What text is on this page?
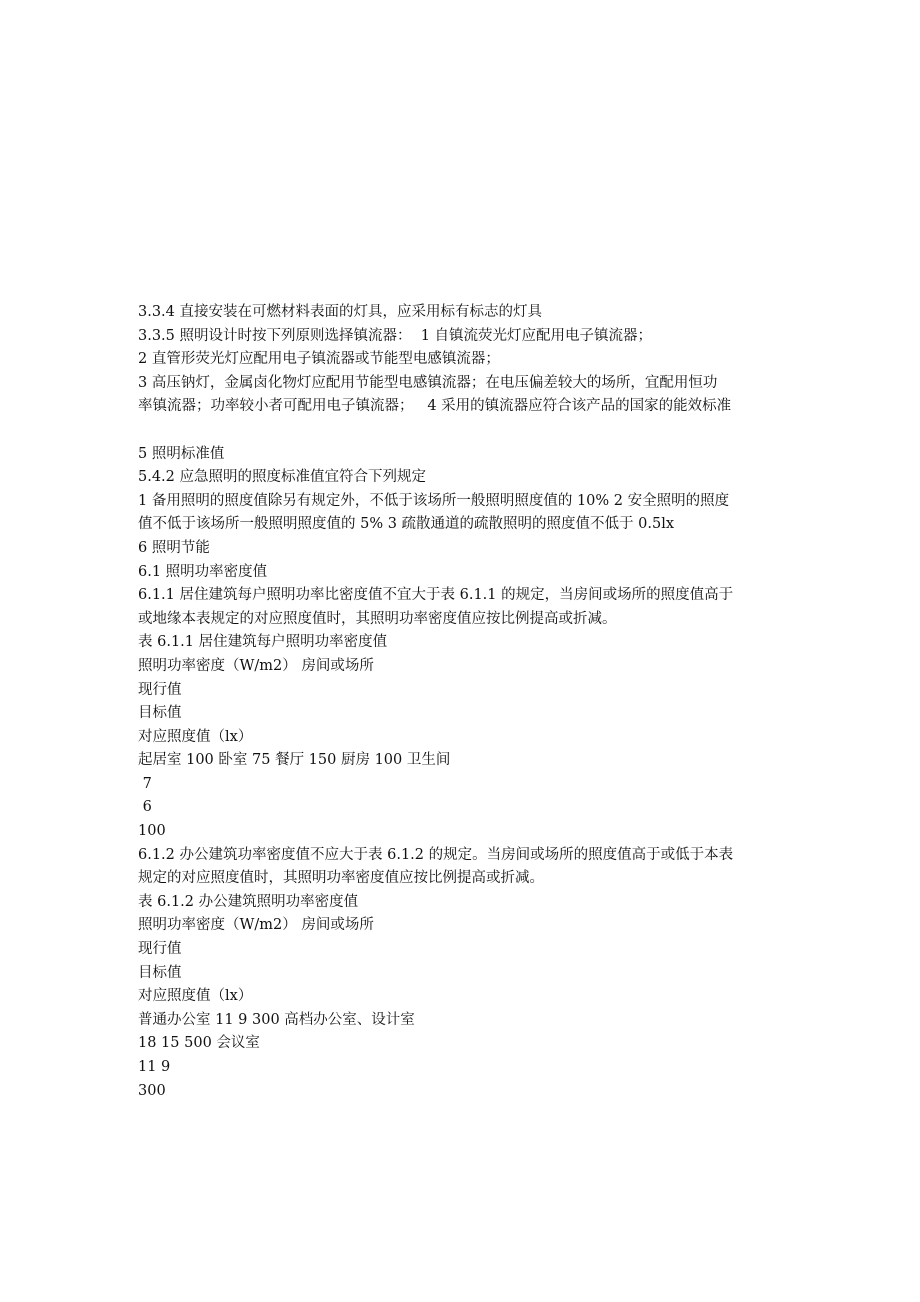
3.3.4 直接安装在可燃材料表面的灯具，应采用标有标志的灯具
3.3.5 照明设计时按下列原则选择镇流器：  1 自镇流荧光灯应配用电子镇流器；
2 直管形荧光灯应配用电子镇流器或节能型电感镇流器；
3 高压钠灯，金属卤化物灯应配用节能型电感镇流器；在电压偏差较大的场所，宜配用恒功
率镇流器；功率较小者可配用电子镇流器；   4 采用的镇流器应符合该产品的国家的能效标准
5 照明标准值
5.4.2 应急照明的照度标准值宜符合下列规定
1 备用照明的照度值除另有规定外，不低于该场所一般照明照度值的 10% 2 安全照明的照度
值不低于该场所一般照明照度值的 5% 3 疏散通道的疏散照明的照度值不低于 0.5lx
6 照明节能
6.1 照明功率密度值
6.1.1 居住建筑每户照明功率比密度值不宜大于表 6.1.1 的规定，当房间或场所的照度值高于
或地缘本表规定的对应照度值时，其照明功率密度值应按比例提高或折减。
表 6.1.1 居住建筑每户照明功率密度值
照明功率密度（W/m2） 房间或场所
现行值
目标值
对应照度值（lx）
起居室 100 卧室 75 餐厅 150 厨房 100 卫生间
7
6
100
6.1.2 办公建筑功率密度值不应大于表 6.1.2 的规定。当房间或场所的照度值高于或低于本表
规定的对应照度值时，其照明功率密度值应按比例提高或折减。
表 6.1.2 办公建筑照明功率密度值
照明功率密度（W/m2） 房间或场所
现行值
目标值
对应照度值（lx）
普通办公室 11 9 300 高档办公室、设计室
18 15 500 会议室
11 9
300
